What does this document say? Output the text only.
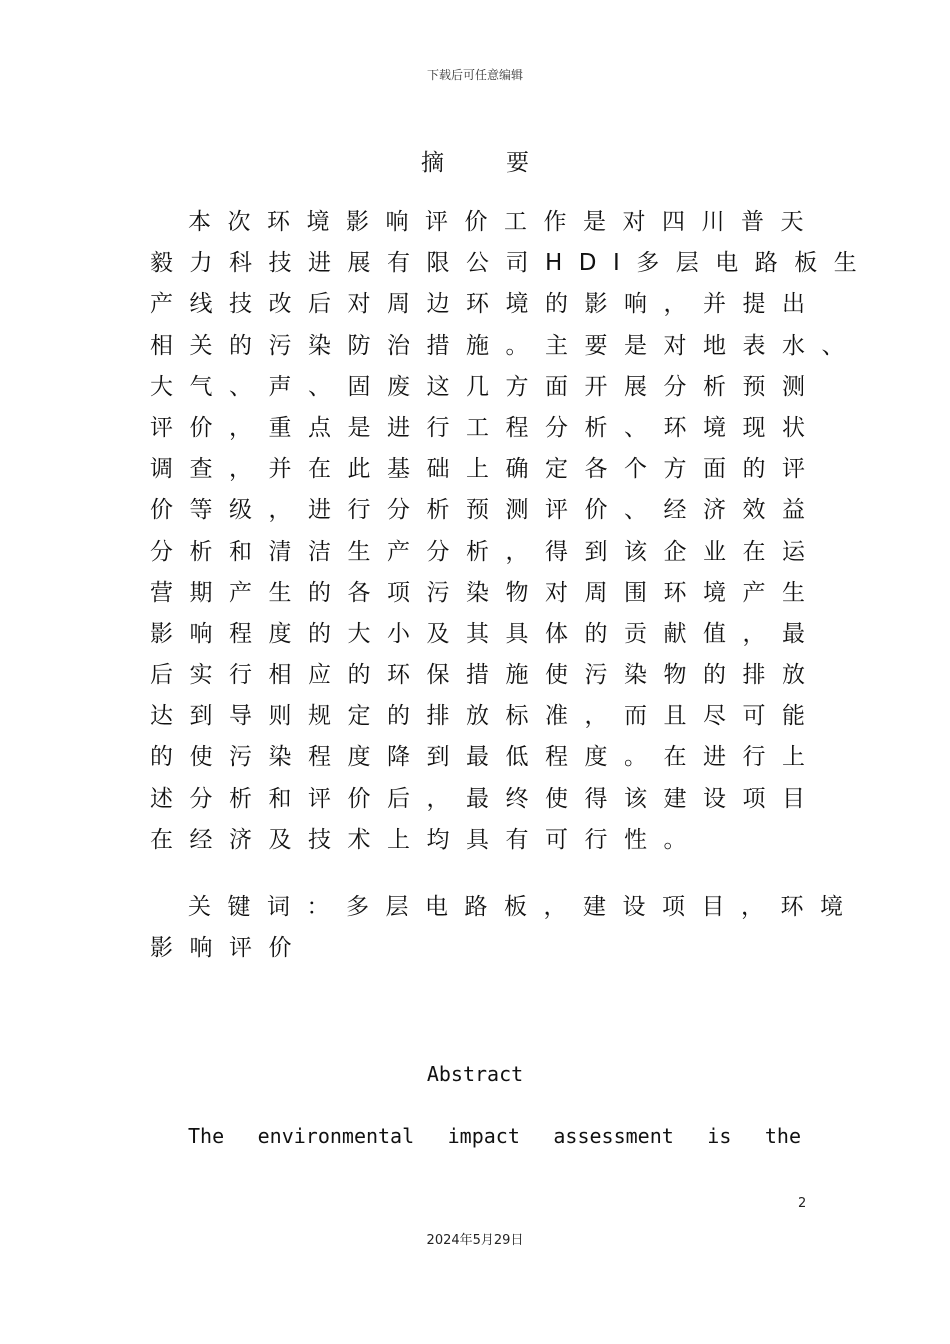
下载后可任意编辑
摘要
本次环境影响评价工作是对四川普天
毅力科技进展有限公司HDI多层电路板生
产线技改后对周边环境的影响，并提出
相关的污染防治措施。主要是对地表水、
大气、声、固废这几方面开展分析预测
评价，重点是进行工程分析、环境现状
调查，并在此基础上确定各个方面的评
价等级，进行分析预测评价、经济效益
分析和清洁生产分析，得到该企业在运
营期产生的各项污染物对周围环境产生
影响程度的大小及其具体的贡献值，最
后实行相应的环保措施使污染物的排放
达到导则规定的排放标准，而且尽可能
的使污染程度降到最低程度。在进行上
述分析和评价后，最终使得该建设项目
在经济及技术上均具有可行性。
关键词：多层电路板，建设项目，环境
影响评价
Abstract
The environmental impact assessment is the
2
2024年5月29日
